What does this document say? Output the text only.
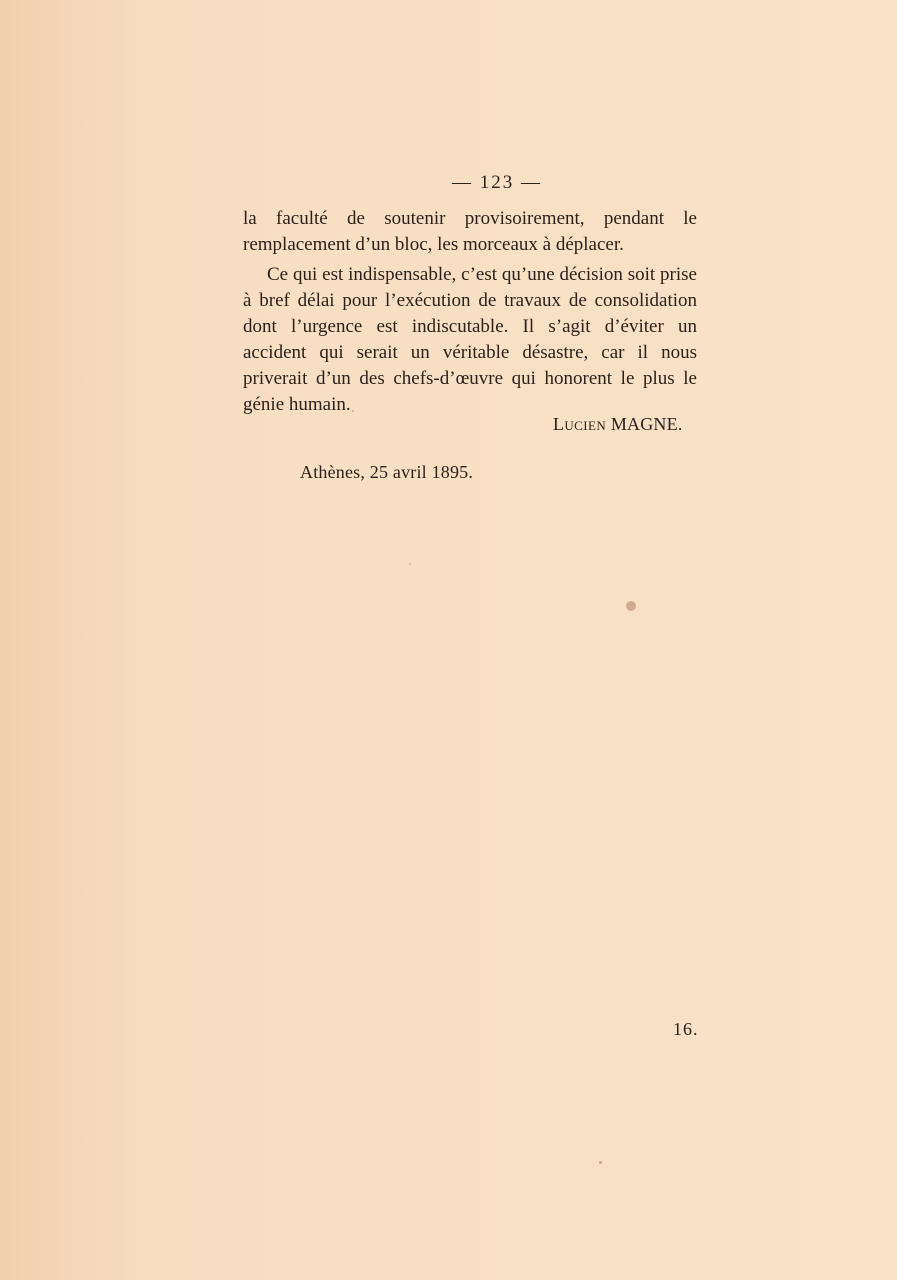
— 123 —
la faculté de soutenir provisoirement, pendant le remplacement d’un bloc, les morceaux à déplacer.
Ce qui est indispensable, c’est qu’une décision soit prise à bref délai pour l’exécution de travaux de consolidation dont l’urgence est indiscutable. Il s’agit d’éviter un accident qui serait un véritable désastre, car il nous priverait d’un des chefs-d’œuvre qui honorent le plus le génie humain.
Lucien MAGNE.
Athènes, 25 avril 1895.
16.
